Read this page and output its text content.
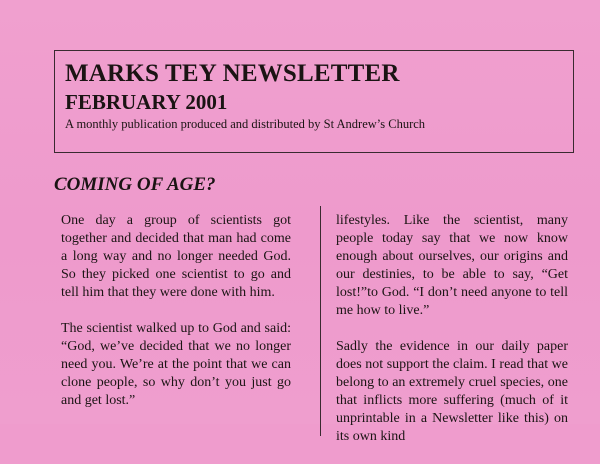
MARKS TEY NEWSLETTER
FEBRUARY 2001
A monthly publication produced and distributed by St Andrew’s Church
COMING OF AGE?

One day a group of scientists got together and decided that man had come a long way and no longer needed God. So they picked one scientist to go and tell him that they were done with him.

The scientist walked up to God and said: “God, we’ve decided that we no longer need you. We’re at the point that we can clone people, so why don’t you just go and get lost.”

lifestyles. Like the scientist, many people today say that we now know enough about ourselves, our origins and our destinies, to be able to say, “Get lost!”to God. “I don’t need anyone to tell me how to live.”

Sadly the evidence in our daily paper does not support the claim. I read that we belong to an extremely cruel species, one that inflicts more suffering (much of it unprintable in a Newsletter like this) on its own kind
